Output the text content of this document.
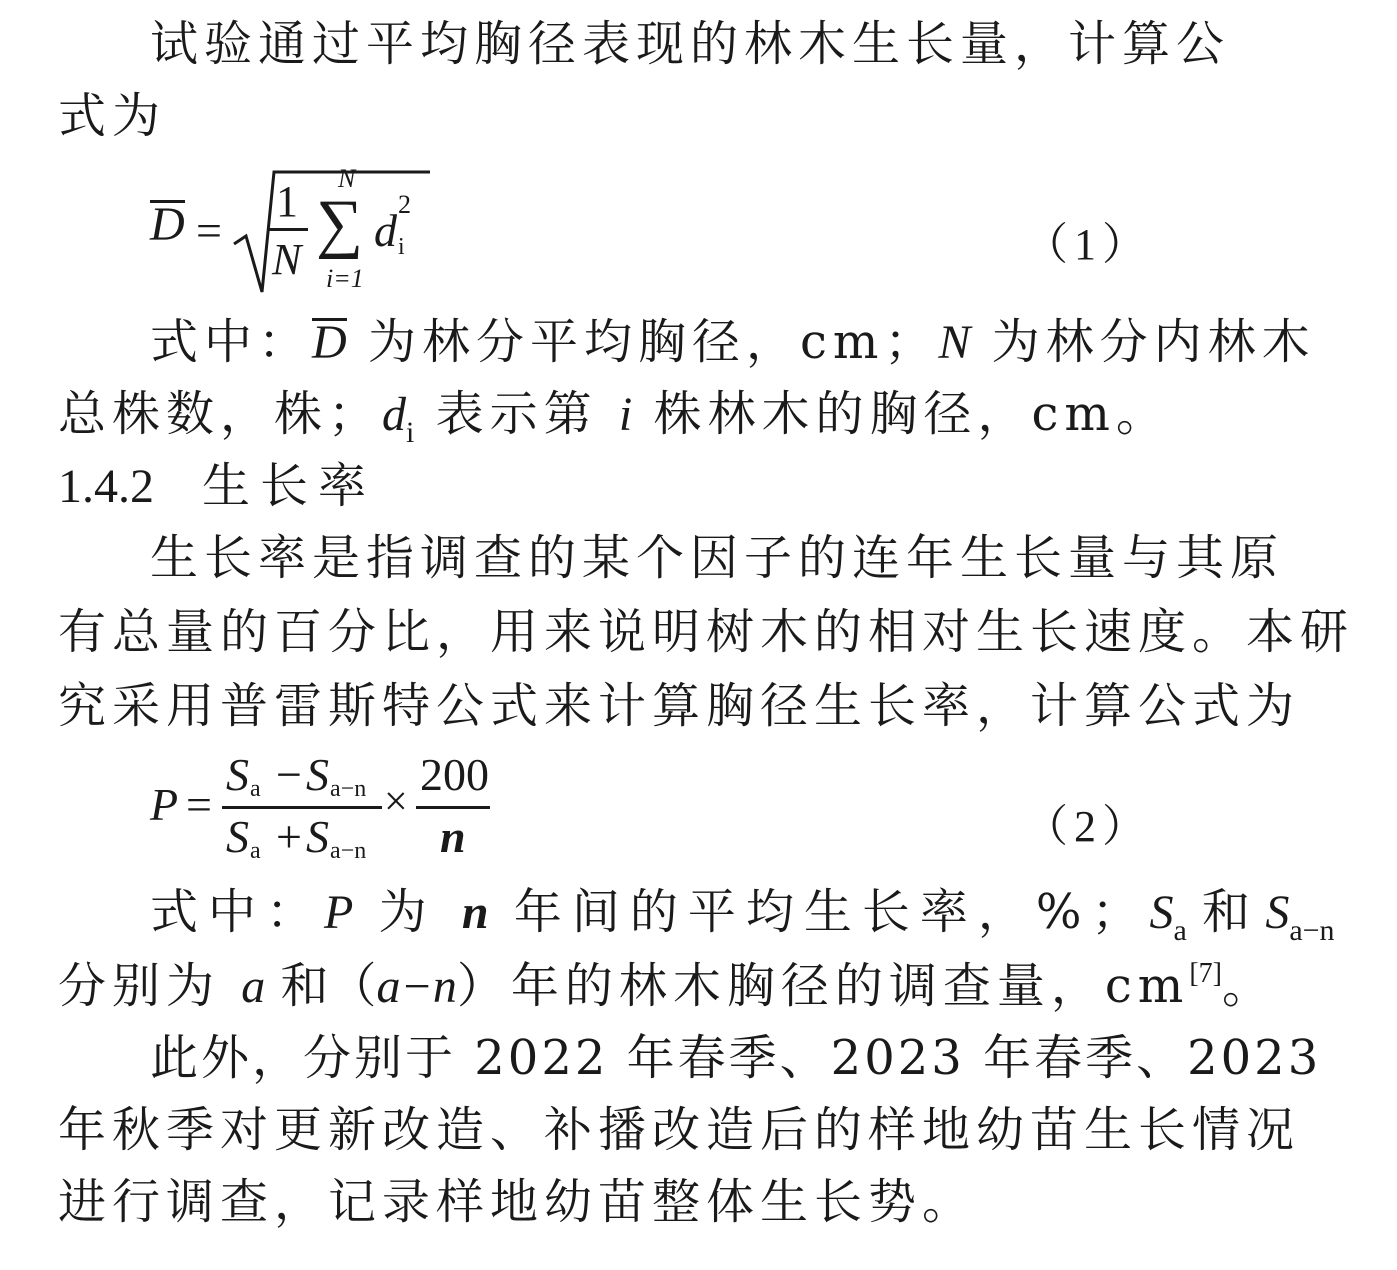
试验通过平均胸径表现的林木生长量，计算公
式为
D =
1
N
N
∑
i=1
d
2
i	（1）
式中：D 为林分平均胸径，cm；N 为林分内林木
总株数，株；$d_i$ 表示第 i 株林木的胸径，cm。
1.4.2 生长率
生长率是指调查的某个因子的连年生长量与其原
有总量的百分比，用来说明树木的相对生长速度。本研
究采用普雷斯特公式来计算胸径生长率，计算公式为
P =
S a − S a−n
S a + S a−n
×
200
n	（2）
式中：P 为 n 年间的平均生长率，%；$S_a$ 和 $S_{a-n}$
分别为 a 和（a−n）年的林木胸径的调查量，cm[7]。
此外，分别于 2022 年春季、2023 年春季、2023
年秋季对更新改造、补播改造后的样地幼苗生长情况
进行调查，记录样地幼苗整体生长势。
